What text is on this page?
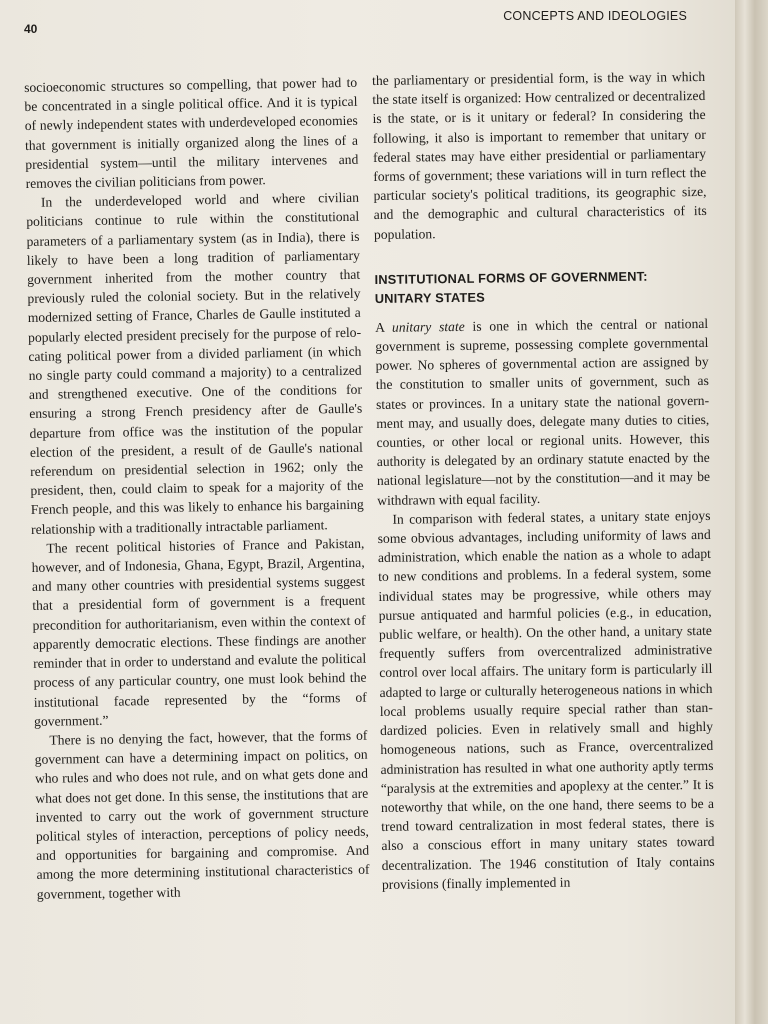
40
CONCEPTS AND IDEOLOGIES

socioeconomic structures so compelling, that power had to be concentrated in a single political office. And it is typical of newly independent states with underdeveloped economies that government is initially organized along the lines of a presidential system—until the military intervenes and removes the civilian politicians from power.

In the underdeveloped world and where civilian politicians continue to rule within the constitutional parameters of a parliamentary system (as in India), there is likely to have been a long tradition of parliamentary government inherited from the mother country that previously ruled the colonial society. But in the relatively modernized setting of France, Charles de Gaulle instituted a popularly elected president precisely for the purpose of relocating political power from a divided parliament (in which no single party could command a majority) to a centralized and strengthened executive. One of the conditions for ensuring a strong French presidency after de Gaulle's departure from office was the institution of the popular election of the president, a result of de Gaulle's national referendum on presidential selection in 1962; only the president, then, could claim to speak for a majority of the French people, and this was likely to enhance his bargaining relationship with a traditionally intractable parliament.

The recent political histories of France and Pakistan, however, and of Indonesia, Ghana, Egypt, Brazil, Argentina, and many other countries with presidential systems suggest that a presidential form of government is a frequent precondition for authoritarianism, even within the context of apparently democratic elections. These findings are another reminder that in order to understand and evalute the political process of any particular country, one must look behind the institutional facade represented by the “forms of government.”

There is no denying the fact, however, that the forms of government can have a determining impact on politics, on who rules and who does not rule, and on what gets done and what does not get done. In this sense, the institutions that are invented to carry out the work of government structure political styles of interaction, perceptions of policy needs, and opportunities for bargaining and compromise. And among the more determining institutional characteristics of government, together with

the parliamentary or presidential form, is the way in which the state itself is organized: How centralized or decentralized is the state, or is it unitary or federal? In considering the following, it also is important to remember that unitary or federal states may have either presidential or parliamentary forms of government; these variations will in turn reflect the particular society's political traditions, its geographic size, and the demographic and cultural characteristics of its population.

INSTITUTIONAL FORMS OF GOVERNMENT: UNITARY STATES

A unitary state is one in which the central or national government is supreme, possessing complete governmental power. No spheres of governmental action are assigned by the constitution to smaller units of government, such as states or provinces. In a unitary state the national government may, and usually does, delegate many duties to cities, counties, or other local or regional units. However, this authority is delegated by an ordinary statute enacted by the national legislature—not by the constitution—and it may be withdrawn with equal facility.

In comparison with federal states, a unitary state enjoys some obvious advantages, including uniformity of laws and administration, which enable the nation as a whole to adapt to new conditions and problems. In a federal system, some individual states may be progressive, while others may pursue antiquated and harmful policies (e.g., in education, public welfare, or health). On the other hand, a unitary state frequently suffers from overcentralized administrative control over local affairs. The unitary form is particularly ill adapted to large or culturally heterogeneous nations in which local problems usually require special rather than standardized policies. Even in relatively small and highly homogeneous nations, such as France, overcentralized administration has resulted in what one authority aptly terms “paralysis at the extremities and apoplexy at the center.” It is noteworthy that while, on the one hand, there seems to be a trend toward centralization in most federal states, there is also a conscious effort in many unitary states toward decentralization. The 1946 constitution of Italy contains provisions (finally implemented in
